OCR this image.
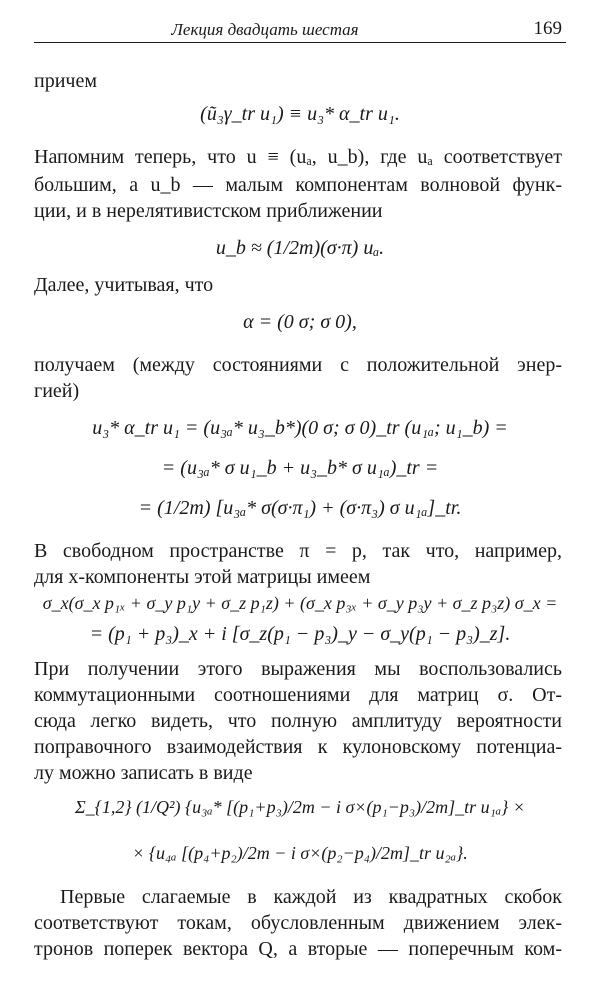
Лекция двадцать шестая	169
причем
(ũ₃γ_tr u₁) ≡ u₃* α_tr u₁.
Напомним теперь, что u ≡ (uₐ, u_b), где uₐ соответствует
большим, а u_b — малым компонентам волновой функ-
ции, и в нерелятивистском приближении
u_b ≈ (1/2m)(σ·π) uₐ.
Далее, учитывая, что
α = (0 σ; σ 0),
получаем (между состояниями с положительной энер-
гией)
u₃* α_tr u₁ = (u₃ₐ* u₃_b*)(0 σ; σ 0)_tr (u₁ₐ; u₁_b) =
= (u₃ₐ* σ u₁_b + u₃_b* σ u₁ₐ)_tr =
= (1/2m) [u₃ₐ* σ(σ·π₁) + (σ·π₃) σ u₁ₐ]_tr.
В свободном пространстве π = p, так что, например,
для x-компоненты этой матрицы имеем
σ_x(σ_x p₁ₓ + σ_y p₁y + σ_z p₁z) + (σ_x p₃ₓ + σ_y p₃y + σ_z p₃z) σ_x =
= (p₁ + p₃)_x + i [σ_z(p₁ − p₃)_y − σ_y(p₁ − p₃)_z].
При получении этого выражения мы воспользовались
коммутационными соотношениями для матриц σ. От-
сюда легко видеть, что полную амплитуду вероятности
поправочного взаимодействия к кулоновскому потенциа-
лу можно записать в виде
Σ_{1,2} (1/Q²) {u₃ₐ* [(p₁+p₃)/2m − i σ×(p₁−p₃)/2m]_tr u₁ₐ} ×
× {u₄ₐ [(p₄+p₂)/2m − i σ×(p₂−p₄)/2m]_tr u₂ₐ}.
Первые слагаемые в каждой из квадратных скобок
соответствуют токам, обусловленным движением элек-
тронов поперек вектора Q, а вторые — поперечным ком-
